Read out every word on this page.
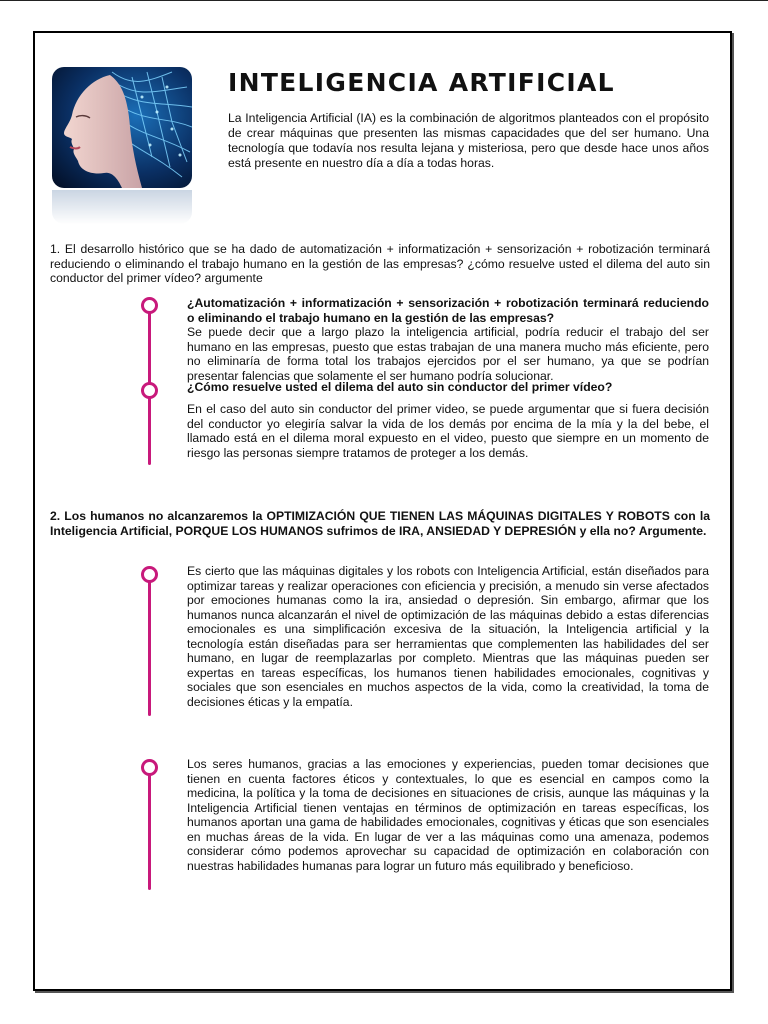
INTELIGENCIA ARTIFICIAL

La Inteligencia Artificial (IA) es la combinación de algoritmos planteados con el propósito de crear máquinas que presenten las mismas capacidades que del ser humano. Una tecnología que todavía nos resulta lejana y misteriosa, pero que desde hace unos años está presente en nuestro día a día a todas horas.

1. El desarrollo histórico que se ha dado de automatización + informatización + sensorización + robotización terminará reduciendo o eliminando el trabajo humano en la gestión de las empresas? ¿cómo resuelve usted el dilema del auto sin conductor del primer vídeo? argumente

¿Automatización + informatización + sensorización + robotización terminará reduciendo o eliminando el trabajo humano en la gestión de las empresas?
Se puede decir que a largo plazo la inteligencia artificial, podría reducir el trabajo del ser humano en las empresas, puesto que estas trabajan de una manera mucho más eficiente, pero no eliminaría de forma total los trabajos ejercidos por el ser humano, ya que se podrían presentar falencias que solamente el ser humano podría solucionar.

¿Cómo resuelve usted el dilema del auto sin conductor del primer vídeo?

En el caso del auto sin conductor del primer video, se puede argumentar que si fuera decisión del conductor yo elegiría salvar la vida de los demás por encima de la mía y la del bebe, el llamado está en el dilema moral expuesto en el video, puesto que siempre en un momento de riesgo las personas siempre tratamos de proteger a los demás.

2. Los humanos no alcanzaremos la OPTIMIZACIÓN QUE TIENEN LAS MÁQUINAS DIGITALES Y ROBOTS con la Inteligencia Artificial, PORQUE LOS HUMANOS sufrimos de IRA, ANSIEDAD Y DEPRESIÓN y ella no? Argumente.

Es cierto que las máquinas digitales y los robots con Inteligencia Artificial, están diseñados para optimizar tareas y realizar operaciones con eficiencia y precisión, a menudo sin verse afectados por emociones humanas como la ira, ansiedad o depresión. Sin embargo, afirmar que los humanos nunca alcanzarán el nivel de optimización de las máquinas debido a estas diferencias emocionales es una simplificación excesiva de la situación, la Inteligencia artificial y la tecnología están diseñadas para ser herramientas que complementen las habilidades del ser humano, en lugar de reemplazarlas por completo. Mientras que las máquinas pueden ser expertas en tareas específicas, los humanos tienen habilidades emocionales, cognitivas y sociales que son esenciales en muchos aspectos de la vida, como la creatividad, la toma de decisiones éticas y la empatía.

Los seres humanos, gracias a las emociones y experiencias, pueden tomar decisiones que tienen en cuenta factores éticos y contextuales, lo que es esencial en campos como la medicina, la política y la toma de decisiones en situaciones de crisis, aunque las máquinas y la Inteligencia Artificial tienen ventajas en términos de optimización en tareas específicas, los humanos aportan una gama de habilidades emocionales, cognitivas y éticas que son esenciales en muchas áreas de la vida. En lugar de ver a las máquinas como una amenaza, podemos considerar cómo podemos aprovechar su capacidad de optimización en colaboración con nuestras habilidades humanas para lograr un futuro más equilibrado y beneficioso.
